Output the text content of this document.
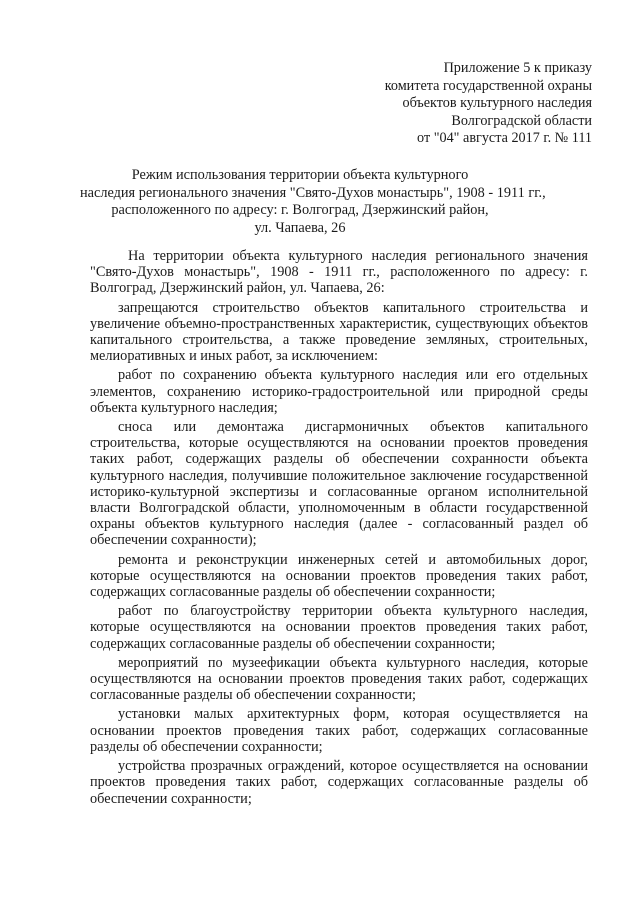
Приложение 5 к приказу
комитета государственной охраны
объектов культурного наследия
Волгоградской области
от "04" августа 2017 г. № 111
Режим использования территории объекта культурного
наследия регионального значения "Свято-Духов монастырь", 1908 - 1911 гг.,
расположенного по адресу: г. Волгоград, Дзержинский район,
ул. Чапаева, 26

На территории объекта культурного наследия регионального значения "Свято-Духов монастырь", 1908 - 1911 гг., расположенного по адресу: г. Волгоград, Дзержинский район, ул. Чапаева, 26:

запрещаются строительство объектов капитального строительства и увеличение объемно-пространственных характеристик, существующих объектов капитального строительства, а также проведение земляных, строительных, мелиоративных и иных работ, за исключением:

работ по сохранению объекта культурного наследия или его отдельных элементов, сохранению историко-градостроительной или природной среды объекта культурного наследия;

сноса или демонтажа дисгармоничных объектов капитального строительства, которые осуществляются на основании проектов проведения таких работ, содержащих разделы об обеспечении сохранности объекта культурного наследия, получившие положительное заключение государственной историко-культурной экспертизы и согласованные органом исполнительной власти Волгоградской области, уполномоченным в области государственной охраны объектов культурного наследия (далее - согласованный раздел об обеспечении сохранности);

ремонта и реконструкции инженерных сетей и автомобильных дорог, которые осуществляются на основании проектов проведения таких работ, содержащих согласованные разделы об обеспечении сохранности;

работ по благоустройству территории объекта культурного наследия, которые осуществляются на основании проектов проведения таких работ, содержащих согласованные разделы об обеспечении сохранности;

мероприятий по музеефикации объекта культурного наследия, которые осуществляются на основании проектов проведения таких работ, содержащих согласованные разделы об обеспечении сохранности;

установки малых архитектурных форм, которая осуществляется на основании проектов проведения таких работ, содержащих согласованные разделы об обеспечении сохранности;

устройства прозрачных ограждений, которое осуществляется на основании проектов проведения таких работ, содержащих согласованные разделы об обеспечении сохранности;
